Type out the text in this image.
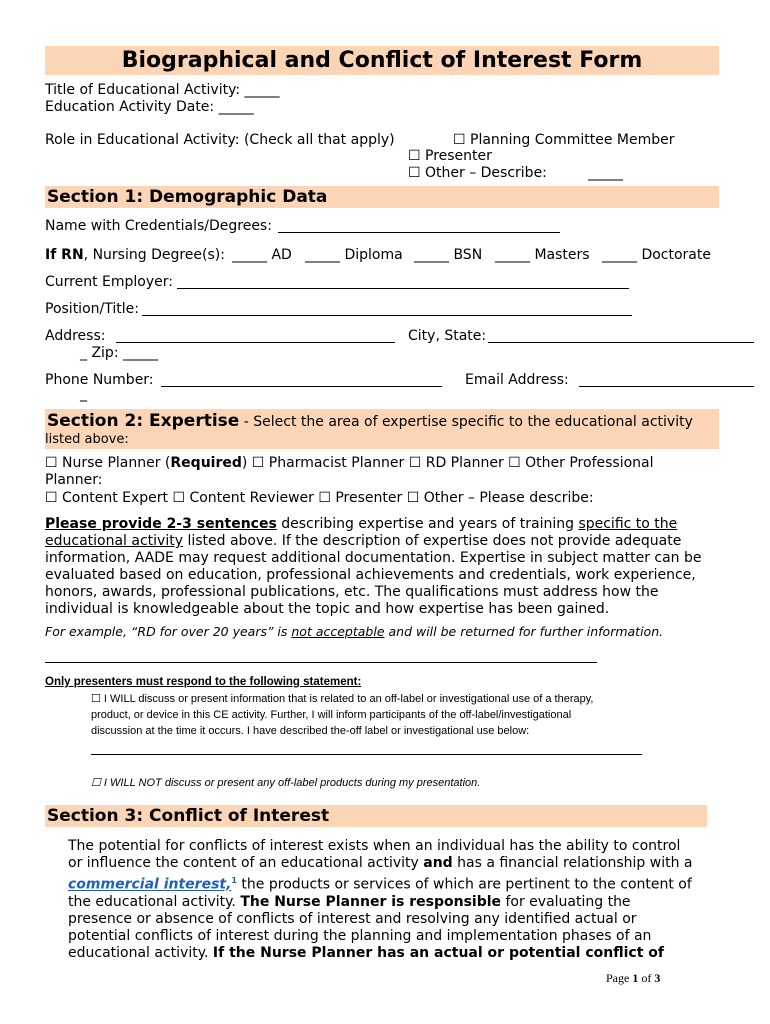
Biographical and Conflict of Interest Form
Title of Educational Activity: _____
Education Activity Date: _____
Role in Educational Activity: (Check all that apply)	☐ Planning Committee Member
☐ Presenter
☐ Other – Describe:	_____
Section 1: Demographic Data
Name with Credentials/Degrees:
If RN, Nursing Degree(s): _____ AD _____ Diploma _____ BSN _____ Masters _____ Doctorate
Current Employer:
Position/Title:
Address:	City, State:
_ Zip: _____
Phone Number:	Email Address:
_
Section 2: Expertise - Select the area of expertise specific to the educational activity
listed above:
☐ Nurse Planner (Required) ☐ Pharmacist Planner ☐ RD Planner ☐ Other Professional
Planner:
☐ Content Expert ☐ Content Reviewer ☐ Presenter ☐ Other – Please describe:
Please provide 2-3 sentences describing expertise and years of training specific to the
educational activity listed above. If the description of expertise does not provide adequate
information, AADE may request additional documentation. Expertise in subject matter can be
evaluated based on education, professional achievements and credentials, work experience,
honors, awards, professional publications, etc. The qualifications must address how the
individual is knowledgeable about the topic and how expertise has been gained.
For example, “RD for over 20 years” is not acceptable and will be returned for further information.
Only presenters must respond to the following statement:
☐ I WILL discuss or present information that is related to an off-label or investigational use of a therapy,
product, or device in this CE activity. Further, I will inform participants of the off-label/investigational
discussion at the time it occurs. I have described the-off label or investigational use below:
☐ I WILL NOT discuss or present any off-label products during my presentation.
Section 3: Conflict of Interest
The potential for conflicts of interest exists when an individual has the ability to control
or influence the content of an educational activity and has a financial relationship with a
commercial interest,$^1$ the products or services of which are pertinent to the content of
the educational activity. The Nurse Planner is responsible for evaluating the
presence or absence of conflicts of interest and resolving any identified actual or
potential conflicts of interest during the planning and implementation phases of an
educational activity. If the Nurse Planner has an actual or potential conflict of
Page 1 of 3
